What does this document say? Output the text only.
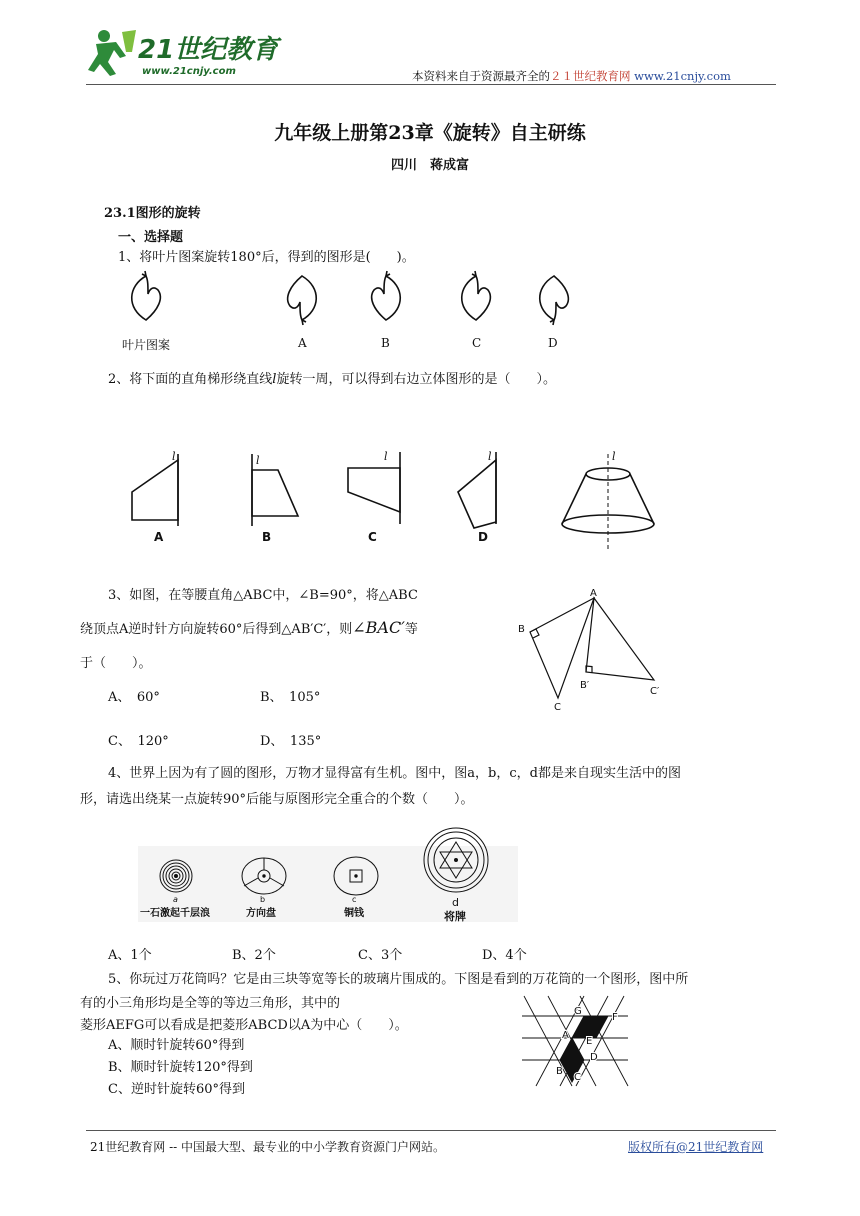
21世纪教育
www.21cnjy.com	本资料来自于资源最齐全的２１世纪教育网 www.21cnjy.com
九年级上册第23章《旋转》自主研练
四川　蒋成富
23.1图形的旋转
一、选择题
1、将叶片图案旋转180°后，得到的图形是(　　)。
叶片图案	A	B	C	D
2、将下面的直角梯形绕直线l旋转一周，可以得到右边立体图形的是（　　）。
l	l	l	l	l
A	B	C	D
3、如图，在等腰直角△ABC中，∠B=90°，将△ABC
绕顶点A逆时针方向旋转60°后得到△AB′C′，则∠BAC′等
于（　　）。
A、　60°	B、　105°
C、　120°	D、　135°
A
B
C
B′
C′
4、世界上因为有了圆的图形，万物才显得富有生机。图中，图a，b，c，d都是来自现实生活中的图
形，请选出绕某一点旋转90°后能与原图形完全重合的个数（　　）。
a	b	c	d
一石激起千层浪	方向盘	铜钱	将牌
A、1个	B、2个	C、3个	D、4个
5、你玩过万花筒吗？它是由三块等宽等长的玻璃片围成的。下图是看到的万花筒的一个图形，图中所
有的小三角形均是全等的等边三角形，其中的
菱形AEFG可以看成是把菱形ABCD以A为中心（　　）。
A、顺时针旋转60°得到
B、顺时针旋转120°得到
C、逆时针旋转60°得到
G
F
A
E
D
B
C
21世纪教育网 -- 中国最大型、最专业的中小学教育资源门户网站。	版权所有@21世纪教育网
